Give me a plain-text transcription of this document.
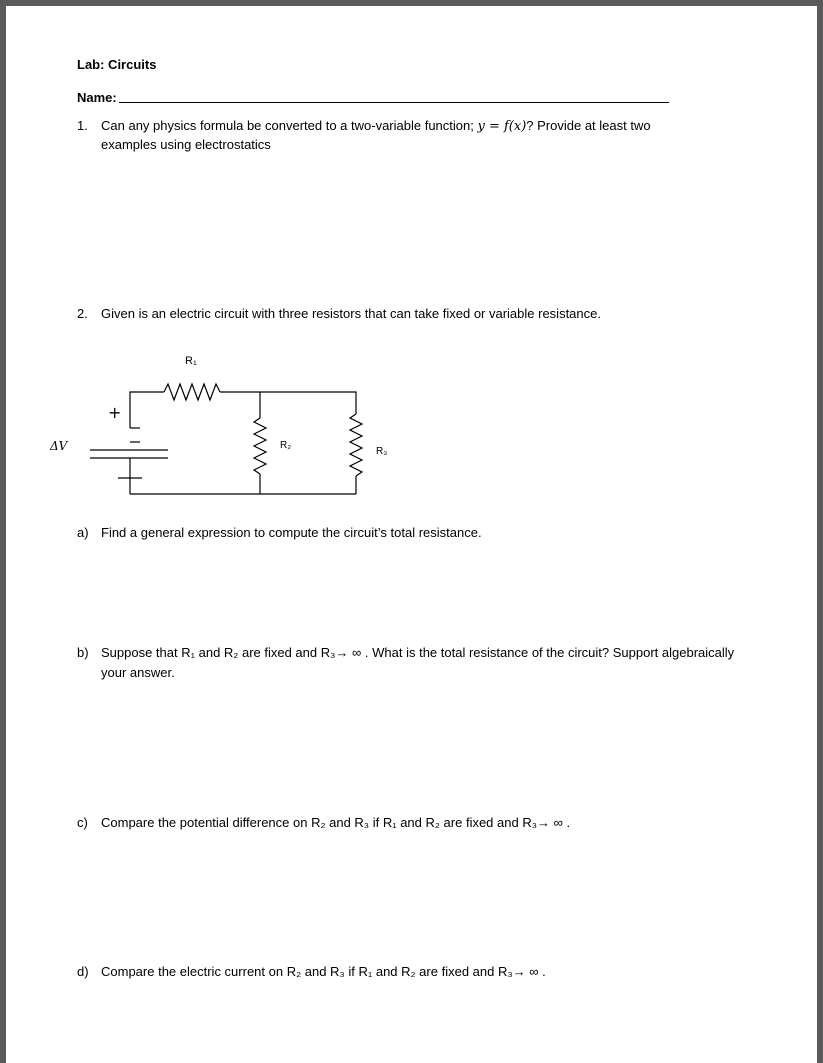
Lab: Circuits
Name:
1. Can any physics formula be converted to a two-variable function; y = f(x)? Provide at least two
examples using electrostatics
2. Given is an electric circuit with three resistors that can take fixed or variable resistance.
ΔV
+
R₁
R₂
R₃
a) Find a general expression to compute the circuit’s total resistance.
b) Suppose that R₁ and R₂ are fixed and R₃→ ∞ . What is the total resistance of the circuit? Support algebraically
your answer.
c) Compare the potential difference on R₂ and R₃ if R₁ and R₂ are fixed and R₃→ ∞ .
d) Compare the electric current on R₂ and R₃ if R₁ and R₂ are fixed and R₃→ ∞ .
